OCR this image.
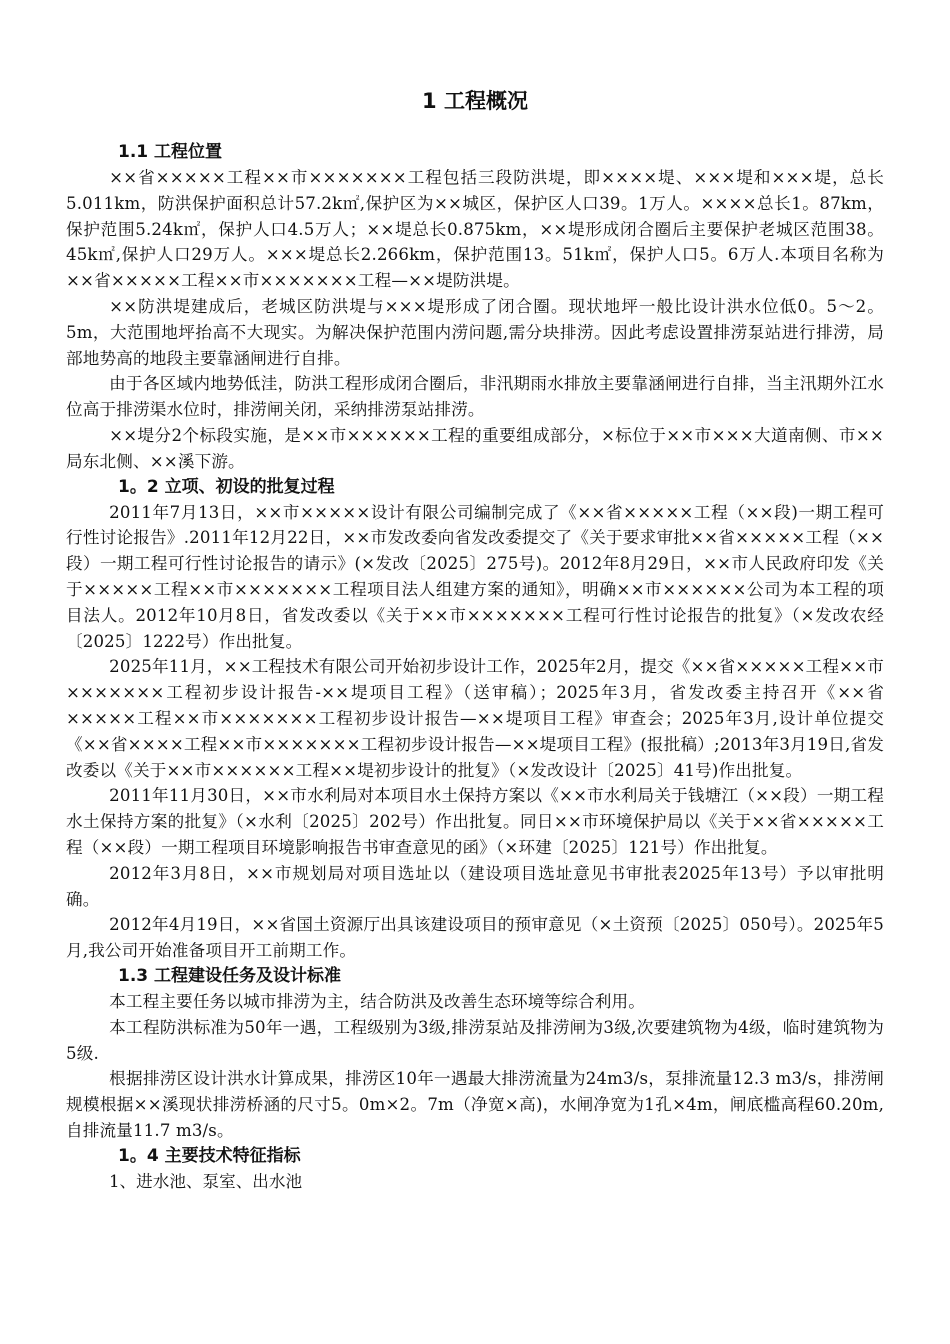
1 工程概况
1.1 工程位置

××省×××××工程××市×××××××工程包括三段防洪堤，即××××堤、×××堤和×××堤，总长5.011km，防洪保护面积总计57.2k㎡,保护区为××城区，保护区人口39。1万人。××××总长1。87km，保护范围5.24k㎡，保护人口4.5万人；××堤总长0.875km，××堤形成闭合圈后主要保护老城区范围38。45k㎡,保护人口29万人。×××堤总长2.266km，保护范围13。51k㎡，保护人口5。6万人.本项目名称为××省×××××工程××市×××××××工程—××堤防洪堤。

××防洪堤建成后，老城区防洪堤与×××堤形成了闭合圈。现状地坪一般比设计洪水位低0。5～2。5m，大范围地坪抬高不大现实。为解决保护范围内涝问题,需分块排涝。因此考虑设置排涝泵站进行排涝，局部地势高的地段主要靠涵闸进行自排。

由于各区域内地势低洼，防洪工程形成闭合圈后，非汛期雨水排放主要靠涵闸进行自排，当主汛期外江水位高于排涝渠水位时，排涝闸关闭，采纳排涝泵站排涝。

××堤分2个标段实施，是××市××××××工程的重要组成部分，×标位于××市×××大道南侧、市××局东北侧、××溪下游。

1。2 立项、初设的批复过程

2011年7月13日，××市×××××设计有限公司编制完成了《××省×××××工程（××段)一期工程可行性讨论报告》.2011年12月22日，××市发改委向省发改委提交了《关于要求审批××省×××××工程（××段）一期工程可行性讨论报告的请示》(×发改〔2025〕275号)。2012年8月29日，××市人民政府印发《关于×××××工程××市×××××××工程项目法人组建方案的通知》，明确××市××××××公司为本工程的项目法人。2012年10月8日，省发改委以《关于××市×××××××工程可行性讨论报告的批复》（×发改农经〔2025〕1222号）作出批复。

2025年11月，××工程技术有限公司开始初步设计工作，2025年2月，提交《××省×××××工程××市×××××××工程初步设计报告-××堤项目工程》（送审稿）；2025年3月，省发改委主持召开《××省×××××工程××市×××××××工程初步设计报告—××堤项目工程》审查会；2025年3月,设计单位提交《××省××××工程××市×××××××工程初步设计报告—××堤项目工程》(报批稿）;2013年3月19日,省发改委以《关于××市××××××工程××堤初步设计的批复》（×发改设计〔2025〕41号)作出批复。

2011年11月30日，××市水利局对本项目水土保持方案以《××市水利局关于钱塘江（××段）一期工程水土保持方案的批复》（×水利〔2025〕202号）作出批复。同日××市环境保护局以《关于××省×××××工程（××段）一期工程项目环境影响报告书审查意见的函》（×环建〔2025〕121号）作出批复。

2012年3月8日，××市规划局对项目选址以（建设项目选址意见书审批表2025年13号）予以审批明确。

2012年4月19日，××省国土资源厅出具该建设项目的预审意见（×土资预〔2025〕050号）。2025年5月,我公司开始准备项目开工前期工作。

1.3 工程建设任务及设计标准

本工程主要任务以城市排涝为主，结合防洪及改善生态环境等综合利用。

本工程防洪标准为50年一遇，工程级别为3级,排涝泵站及排涝闸为3级,次要建筑物为4级，临时建筑物为5级.

根据排涝区设计洪水计算成果，排涝区10年一遇最大排涝流量为24m3/s，泵排流量12.3 m3/s，排涝闸规模根据××溪现状排涝桥涵的尺寸5。0m×2。7m（净宽×高)，水闸净宽为1孔×4m，闸底槛高程60.20m,自排流量11.7 m3/s。

1。4 主要技术特征指标

1、进水池、泵室、出水池
